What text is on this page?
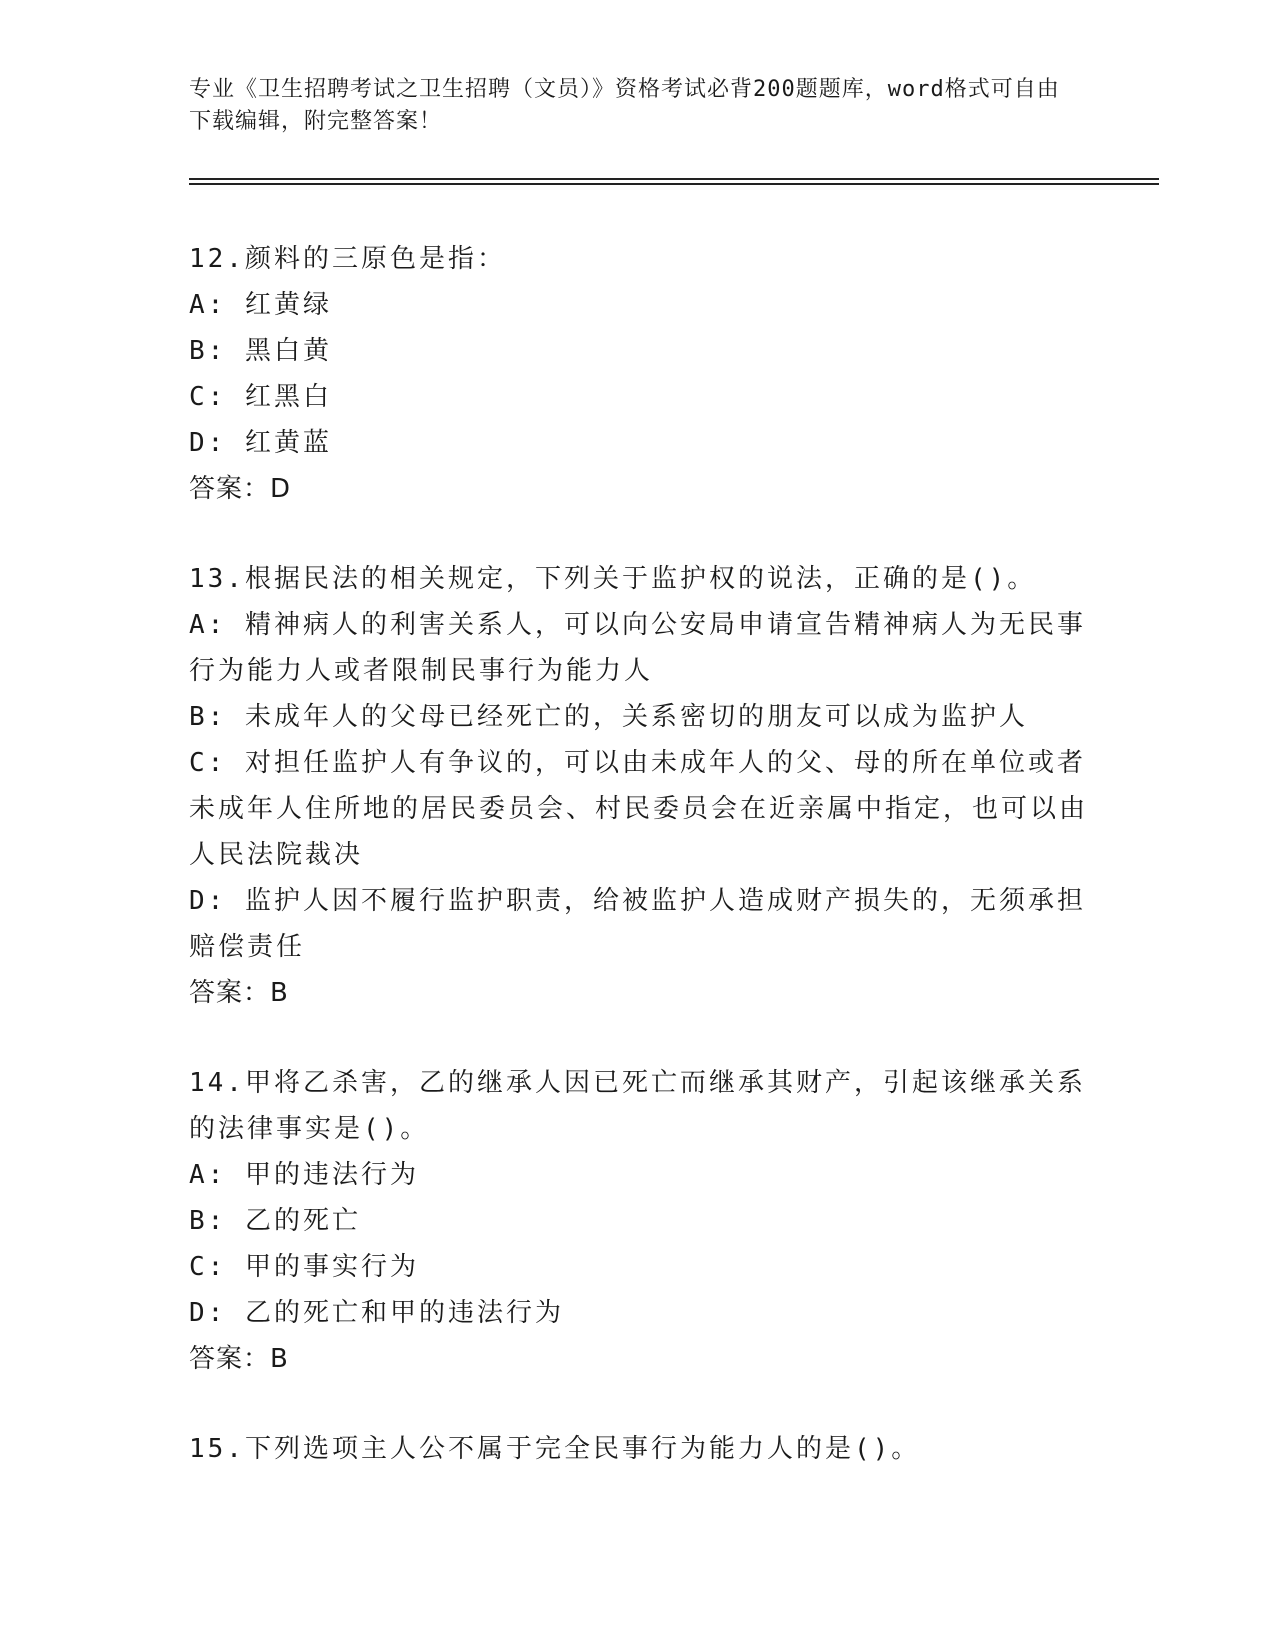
专业《卫生招聘考试之卫生招聘（文员）》资格考试必背200题题库，word格式可自由下载编辑，附完整答案！

12.颜料的三原色是指：

A: 红黄绿

B: 黑白黄

C: 红黑白

D: 红黄蓝

答案：D

13.根据民法的相关规定，下列关于监护权的说法，正确的是()。

A: 精神病人的利害关系人，可以向公安局申请宣告精神病人为无民事行为能力人或者限制民事行为能力人

B: 未成年人的父母已经死亡的，关系密切的朋友可以成为监护人

C: 对担任监护人有争议的，可以由未成年人的父、母的所在单位或者未成年人住所地的居民委员会、村民委员会在近亲属中指定，也可以由人民法院裁决

D: 监护人因不履行监护职责，给被监护人造成财产损失的，无须承担赔偿责任

答案：B

14.甲将乙杀害，乙的继承人因已死亡而继承其财产，引起该继承关系的法律事实是()。

A: 甲的违法行为

B: 乙的死亡

C: 甲的事实行为

D: 乙的死亡和甲的违法行为

答案：B

15.下列选项主人公不属于完全民事行为能力人的是()。
